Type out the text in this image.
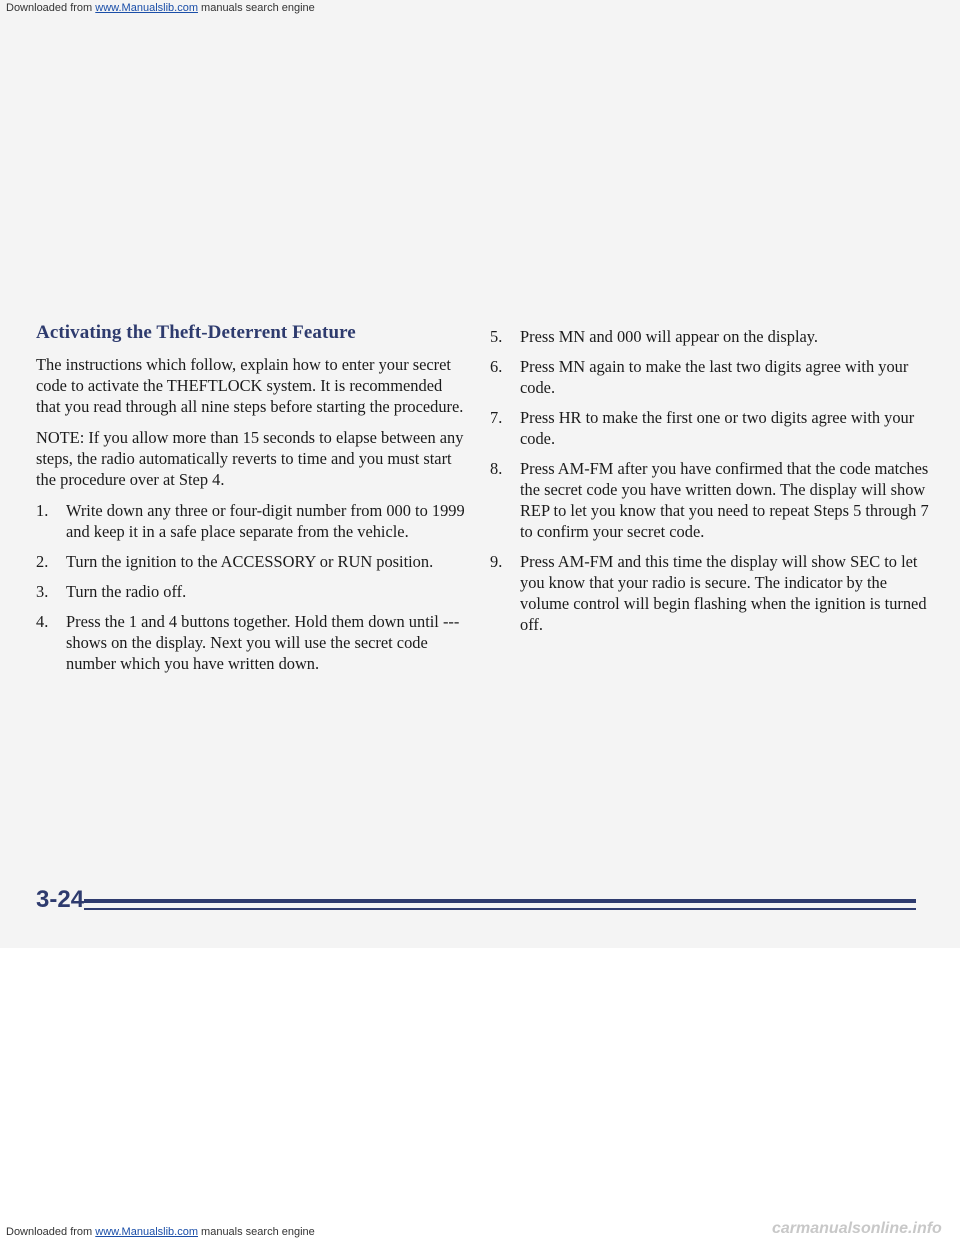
Downloaded from www.Manualslib.com manuals search engine
Activating the Theft-Deterrent Feature

The instructions which follow, explain how to enter your secret code to activate the THEFTLOCK system. It is recommended that you read through all nine steps before starting the procedure.

NOTE: If you allow more than 15 seconds to elapse between any steps, the radio automatically reverts to time and you must start the procedure over at Step 4.

1.	Write down any three or four-digit number from 000 to 1999 and keep it in a safe place separate from the vehicle.
2.	Turn the ignition to the ACCESSORY or RUN position.
3.	Turn the radio off.
4.	Press the 1 and 4 buttons together. Hold them down until --- shows on the display. Next you will use the secret code number which you have written down.
5.	Press MN and 000 will appear on the display.
6.	Press MN again to make the last two digits agree with your code.
7.	Press HR to make the first one or two digits agree with your code.
8.	Press AM-FM after you have confirmed that the code matches the secret code you have written down. The display will show REP to let you know that you need to repeat Steps 5 through 7 to confirm your secret code.
9.	Press AM-FM and this time the display will show SEC to let you know that your radio is secure. The indicator by the volume control will begin flashing when the ignition is turned off.
3-24
Downloaded from www.Manualslib.com manuals search engine	carmanualsonline.info
